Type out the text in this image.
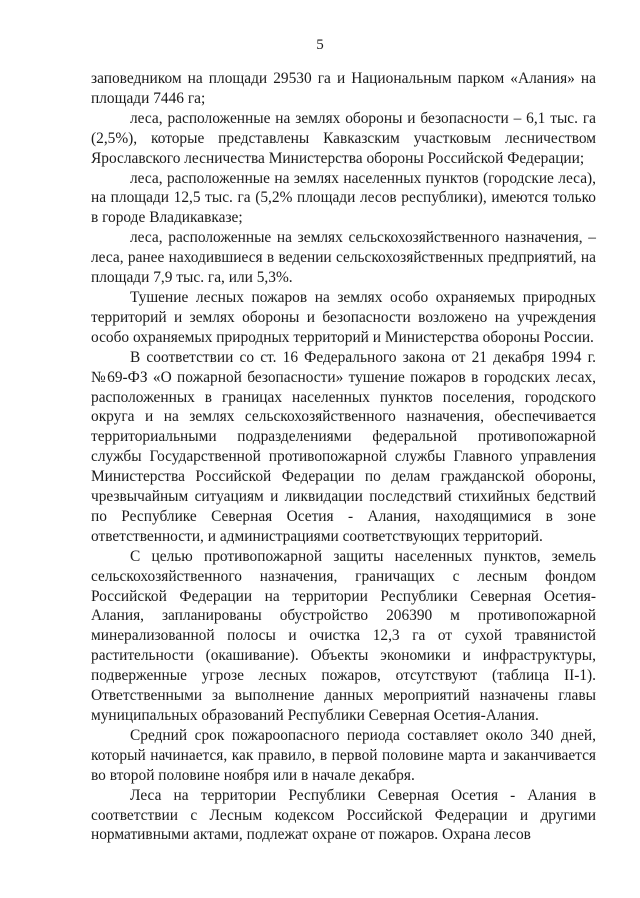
5

заповедником на площади 29530 га и Национальным парком «Алания» на площади 7446 га;

леса, расположенные на землях обороны и безопасности – 6,1 тыс. га (2,5%), которые представлены Кавказским участковым лесничеством Ярославского лесничества Министерства обороны Российской Федерации;

леса, расположенные на землях населенных пунктов (городские леса), на площади 12,5 тыс. га (5,2% площади лесов республики), имеются только в городе Владикавказе;

леса, расположенные на землях сельскохозяйственного назначения, – леса, ранее находившиеся в ведении сельскохозяйственных предприятий, на площади 7,9 тыс. га, или 5,3%.

Тушение лесных пожаров на землях особо охраняемых природных территорий и землях обороны и безопасности возложено на учреждения особо охраняемых природных территорий и Министерства обороны России.

В соответствии со ст. 16 Федерального закона от 21 декабря 1994 г. №69-ФЗ «О пожарной безопасности» тушение пожаров в городских лесах, расположенных в границах населенных пунктов поселения, городского округа и на землях сельскохозяйственного назначения, обеспечивается территориальными подразделениями федеральной противопожарной службы Государственной противопожарной службы Главного управления Министерства Российской Федерации по делам гражданской обороны, чрезвычайным ситуациям и ликвидации последствий стихийных бедствий по Республике Северная Осетия - Алания, находящимися в зоне ответственности, и администрациями соответствующих территорий.

С целью противопожарной защиты населенных пунктов, земель сельскохозяйственного назначения, граничащих с лесным фондом Российской Федерации на территории Республики Северная Осетия-Алания, запланированы обустройство 206390 м противопожарной минерализованной полосы и очистка 12,3 га от сухой травянистой растительности (окашивание). Объекты экономики и инфраструктуры, подверженные угрозе лесных пожаров, отсутствуют (таблица II-1). Ответственными за выполнение данных мероприятий назначены главы муниципальных образований Республики Северная Осетия-Алания.

Средний срок пожароопасного периода составляет около 340 дней, который начинается, как правило, в первой половине марта и заканчивается во второй половине ноября или в начале декабря.

Леса на территории Республики Северная Осетия - Алания в соответствии с Лесным кодексом Российской Федерации и другими нормативными актами, подлежат охране от пожаров. Охрана лесов
